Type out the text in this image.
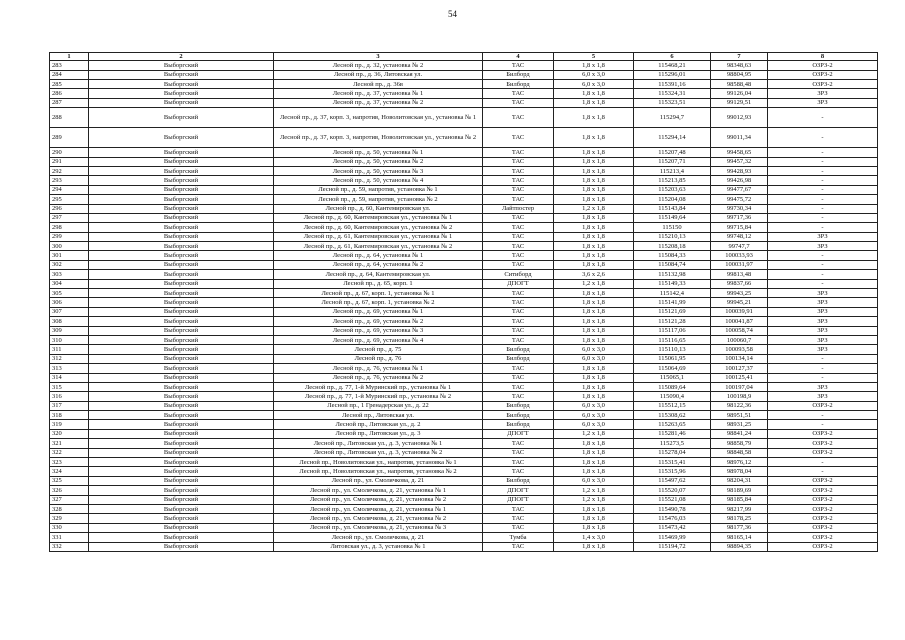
54
1	2	3	4	5	6	7	8
283	Выборгский	Лесной пр., д. 32, установка № 2	ТАС	1,8 х 1,8	115468,21	98348,63	ОЗРЗ-2
284	Выборгский	Лесной пр., д. 36, Литовская ул.	Билборд	6,0 х 3,0	115296,01	98804,95	ОЗРЗ-2
285	Выборгский	Лесной пр., д. 36в	Билборд	6,0 х 3,0	115391,16	98588,48	ОЗРЗ-2
286	Выборгский	Лесной пр., д. 37, установка № 1	ТАС	1,8 х 1,8	115324,31	99126,04	ЗРЗ
287	Выборгский	Лесной пр., д. 37, установка № 2	ТАС	1,8 х 1,8	115323,51	99129,51	ЗРЗ
288	Выборгский	Лесной пр., д. 37, корп. 3, напротив, Новолитовская ул., установка № 1	ТАС	1,8 х 1,8	115294,7	99012,93	-
289	Выборгский	Лесной пр., д. 37, корп. 3, напротив, Новолитовская ул., установка № 2	ТАС	1,8 х 1,8	115294,14	99011,34	-
290	Выборгский	Лесной пр., д. 50, установка № 1	ТАС	1,8 х 1,8	115207,48	99458,65	-
291	Выборгский	Лесной пр., д. 50, установка № 2	ТАС	1,8 х 1,8	115207,71	99457,32	-
292	Выборгский	Лесной пр., д. 50, установка № 3	ТАС	1,8 х 1,8	115213,4	99428,93	-
293	Выборгский	Лесной пр., д. 50, установка № 4	ТАС	1,8 х 1,8	115213,85	99426,98	-
294	Выборгский	Лесной пр., д. 59, напротив, установка № 1	ТАС	1,8 х 1,8	115203,63	99477,67	-
295	Выборгский	Лесной пр., д. 59, напротив, установка № 2	ТАС	1,8 х 1,8	115204,08	99475,72	-
296	Выборгский	Лесной пр., д. 60, Кантемировская ул.	Лайтпостер	1,2 х 1,8	115143,84	99730,34	-
297	Выборгский	Лесной пр., д. 60, Кантемировская ул., установка № 1	ТАС	1,8 х 1,8	115149,64	99717,36	-
298	Выборгский	Лесной пр., д. 60, Кантемировская ул., установка № 2	ТАС	1,8 х 1,8	115150	99715,84	-
299	Выборгский	Лесной пр., д. 61, Кантемировская ул., установка № 1	ТАС	1,8 х 1,8	115210,13	99748,12	ЗРЗ
300	Выборгский	Лесной пр., д. 61, Кантемировская ул., установка № 2	ТАС	1,8 х 1,8	115208,18	99747,7	ЗРЗ
301	Выборгский	Лесной пр., д. 64, установка № 1	ТАС	1,8 х 1,8	115084,33	100033,93	-
302	Выборгский	Лесной пр., д. 64, установка № 2	ТАС	1,8 х 1,8	115084,74	100031,97	-
303	Выборгский	Лесной пр., д. 64, Кантемировская ул.	Ситиборд	3,6 х 2,6	115132,98	99813,48	-
304	Выборгский	Лесной пр., д. 65, корп. 1	ДПОГТ	1,2 х 1,8	115149,33	99837,66	-
305	Выборгский	Лесной пр., д. 67, корп. 1, установка № 1	ТАС	1,8 х 1,8	115142,4	99943,25	ЗРЗ
306	Выборгский	Лесной пр., д. 67, корп. 1, установка № 2	ТАС	1,8 х 1,8	115141,99	99945,21	ЗРЗ
307	Выборгский	Лесной пр., д. 69, установка № 1	ТАС	1,8 х 1,8	115121,69	100039,91	ЗРЗ
308	Выборгский	Лесной пр., д. 69, установка № 2	ТАС	1,8 х 1,8	115121,28	100041,87	ЗРЗ
309	Выборгский	Лесной пр., д. 69, установка № 3	ТАС	1,8 х 1,8	115117,06	100058,74	ЗРЗ
310	Выборгский	Лесной пр., д. 69, установка № 4	ТАС	1,8 х 1,8	115116,65	100060,7	ЗРЗ
311	Выборгский	Лесной пр., д. 75	Билборд	6,0 х 3,0	115110,13	100093,58	ЗРЗ
312	Выборгский	Лесной пр., д. 76	Билборд	6,0 х 3,0	115061,95	100134,14	-
313	Выборгский	Лесной пр., д. 76, установка № 1	ТАС	1,8 х 1,8	115064,69	100127,37	-
314	Выборгский	Лесной пр., д. 76, установка № 2	ТАС	1,8 х 1,8	115065,1	100125,41	-
315	Выборгский	Лесной пр., д. 77, 1-й Муринский пр., установка № 1	ТАС	1,8 х 1,8	115089,64	100197,04	ЗРЗ
316	Выборгский	Лесной пр., д. 77, 1-й Муринский пр., установка № 2	ТАС	1,8 х 1,8	115090,4	100198,9	ЗРЗ
317	Выборгский	Лесной пр., 1 Гренадерская ул., д. 22	Билборд	6,0 х 3,0	115512,15	98122,36	ОЗРЗ-2
318	Выборгский	Лесной пр., Литовская ул.	Билборд	6,0 х 3,0	115308,62	98951,51	-
319	Выборгский	Лесной пр., Литовская ул., д. 2	Билборд	6,0 х 3,0	115263,65	98931,25	-
320	Выборгский	Лесной пр., Литовская ул., д. 3	ДПОГТ	1,2 х 1,8	115281,46	98841,24	ОЗРЗ-2
321	Выборгский	Лесной пр., Литовская ул., д. 3, установка № 1	ТАС	1,8 х 1,8	115273,5	98858,79	ОЗРЗ-2
322	Выборгский	Лесной пр., Литовская ул., д. 3, установка № 2	ТАС	1,8 х 1,8	115278,04	98848,58	ОЗРЗ-2
323	Выборгский	Лесной пр., Новолитовская ул., напротив, установка № 1	ТАС	1,8 х 1,8	115315,41	98976,12	-
324	Выборгский	Лесной пр., Новолитовская ул., напротив, установка № 2	ТАС	1,8 х 1,8	115315,96	98978,04	-
325	Выборгский	Лесной пр., ул. Смолячкова, д. 21	Билборд	6,0 х 3,0	115497,62	98204,31	ОЗРЗ-2
326	Выборгский	Лесной пр., ул. Смолячкова, д. 21, установка № 1	ДПОГТ	1,2 х 1,8	115520,07	98189,69	ОЗРЗ-2
327	Выборгский	Лесной пр., ул. Смолячкова, д. 21, установка № 2	ДПОГТ	1,2 х 1,8	115521,08	98185,84	ОЗРЗ-2
328	Выборгский	Лесной пр., ул. Смолячкова, д. 21, установка № 1	ТАС	1,8 х 1,8	115490,78	98217,99	ОЗРЗ-2
329	Выборгский	Лесной пр., ул. Смолячкова, д. 21, установка № 2	ТАС	1,8 х 1,8	115476,03	98178,25	ОЗРЗ-2
330	Выборгский	Лесной пр., ул. Смолячкова, д. 21, установка № 3	ТАС	1,8 х 1,8	115473,42	98177,36	ОЗРЗ-2
331	Выборгский	Лесной пр., ул. Смолячкова, д. 21	Тумба	1,4 х 3,0	115469,99	98165,14	ОЗРЗ-2
332	Выборгский	Литовская ул., д. 3, установка № 1	ТАС	1,8 х 1,8	115194,72	98894,35	ОЗРЗ-2
